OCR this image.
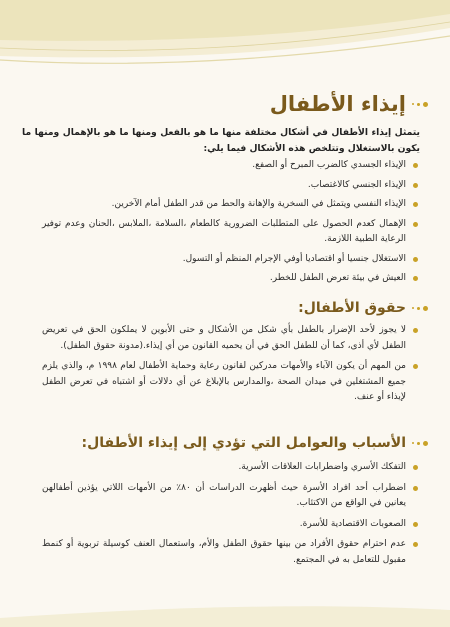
إيذاء الأطفال
يتمثل إيذاء الأطفال في أشكال مختلفة منها ما هو بالفعل ومنها ما هو بالإهمال ومنها ما يكون بالاستغلال وتتلخص هذه الأشكال فيما يلي:
الإيذاء الجسدي كالضرب المبرح أو الصفع.
الإيذاء الجنسي كالاغتصاب.
الإيذاء النفسي ويتمثل في السخرية والإهانة والحط من قدر الطفل أمام الآخرين.
الإهمال كعدم الحصول على المتطلبات الضرورية كالطعام ،السلامة ،الملابس ،الحنان وعدم توفير الرعاية الطبية اللازمة.
الاستغلال جنسيا أو اقتصاديا أوفي الإجرام المنظم أو التسول.
العيش في بيئة تعرض الطفل للخطر.
حقوق الأطفال:
لا يجوز لأحد الإضرار بالطفل بأي شكل من الأشكال و حتى الأبوين لا يملكون الحق في تعريض الطفل لأي أذى، كما أن للطفل الحق في أن يحميه القانون من أي إيذاء.(مدونة حقوق الطفل).
من المهم أن يكون الآباء والأمهات مدركين لقانون رعاية وحماية الأطفال لعام ١٩٩٨ م، والذي يلزم جميع المشتغلين في ميدان الصحة ،والمدارس بالإبلاغ عن أي دلالات أو اشتباه في تعرض الطفل لإيذاء أو عنف.
الأسباب والعوامل التي تؤدي إلى إيذاء الأطفال:
التفكك الأسري واضطرابات العلاقات الأسرية.
اضطراب أحد افراد الأسرة حيث أظهرت الدراسات أن ٨٠٪ من الأمهات اللاتي يؤذين أطفالهن يعانين في الواقع من الاكتئاب.
الصعوبات الاقتصادية للأسرة.
عدم احترام حقوق الأفراد من بينها حقوق الطفل والأم، واستعمال العنف كوسيلة تربوية أو كنمط مقبول للتعامل به في المجتمع.
